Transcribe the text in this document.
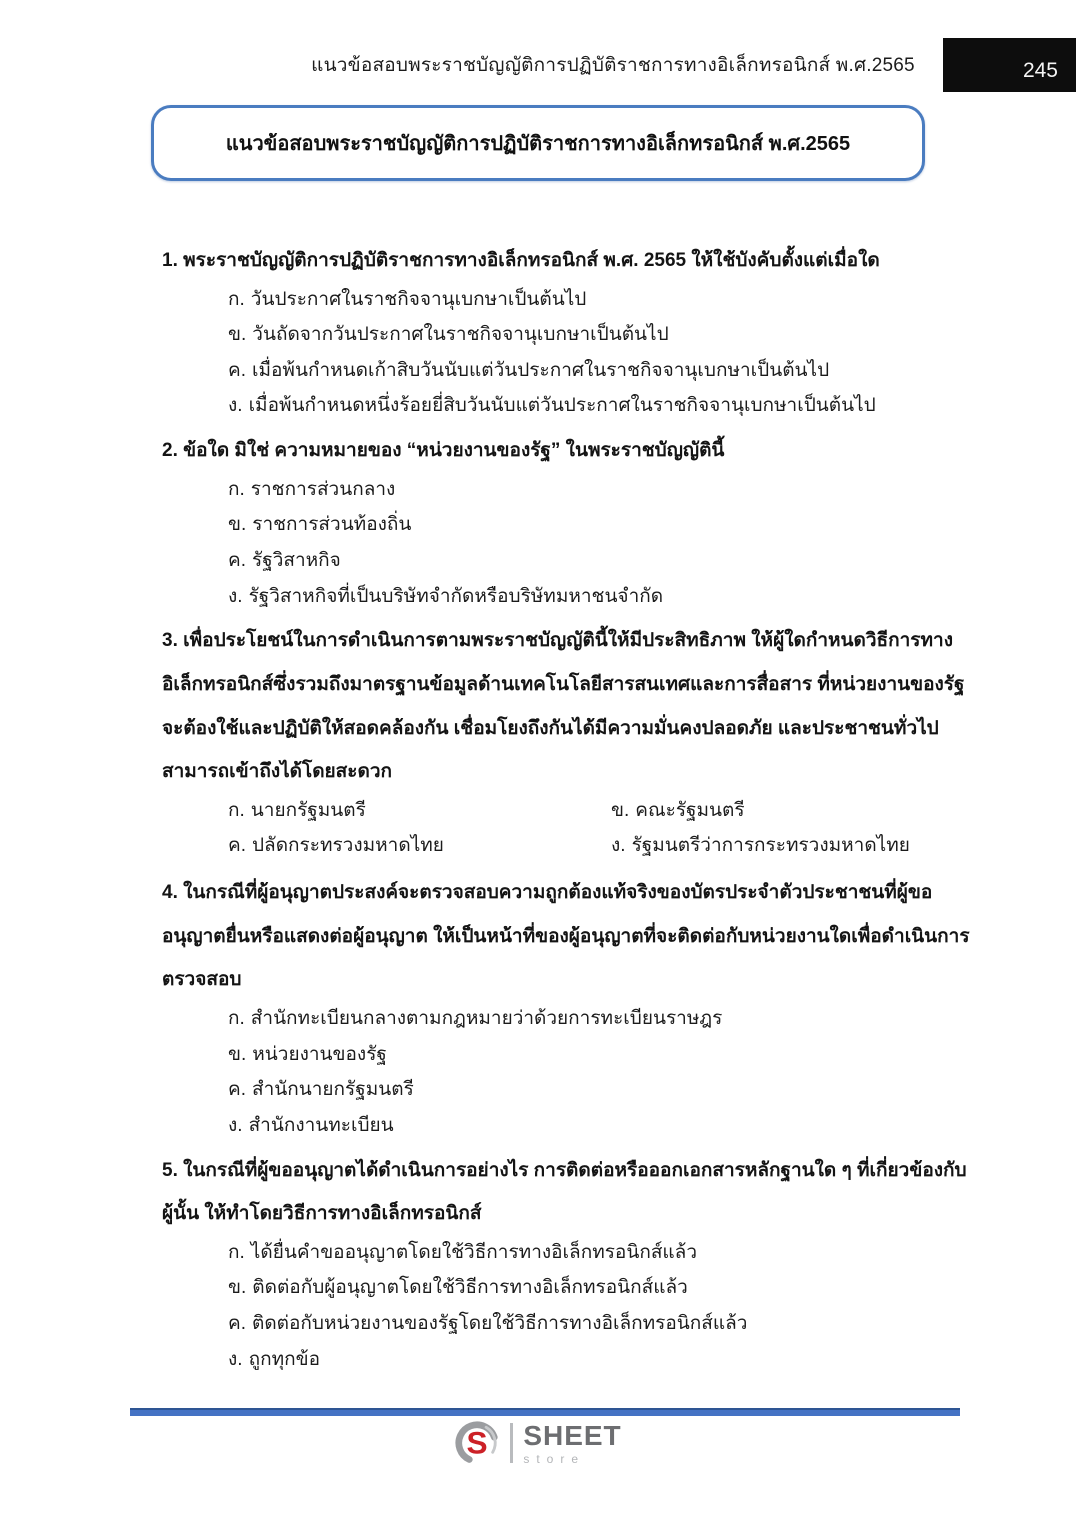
แนวข้อสอบพระราชบัญญัติการปฏิบัติราชการทางอิเล็กทรอนิกส์ พ.ศ.2565	245
แนวข้อสอบพระราชบัญญัติการปฏิบัติราชการทางอิเล็กทรอนิกส์ พ.ศ.2565
1. พระราชบัญญัติการปฏิบัติราชการทางอิเล็กทรอนิกส์ พ.ศ. 2565 ให้ใช้บังคับตั้งแต่เมื่อใด
ก. วันประกาศในราชกิจจานุเบกษาเป็นต้นไป
ข. วันถัดจากวันประกาศในราชกิจจานุเบกษาเป็นต้นไป
ค. เมื่อพ้นกำหนดเก้าสิบวันนับแต่วันประกาศในราชกิจจานุเบกษาเป็นต้นไป
ง. เมื่อพ้นกำหนดหนึ่งร้อยยี่สิบวันนับแต่วันประกาศในราชกิจจานุเบกษาเป็นต้นไป
2. ข้อใด มิใช่ ความหมายของ “หน่วยงานของรัฐ” ในพระราชบัญญัตินี้
ก. ราชการส่วนกลาง
ข. ราชการส่วนท้องถิ่น
ค. รัฐวิสาหกิจ
ง. รัฐวิสาหกิจที่เป็นบริษัทจำกัดหรือบริษัทมหาชนจำกัด
3. เพื่อประโยชน์ในการดำเนินการตามพระราชบัญญัตินี้ให้มีประสิทธิภาพ ให้ผู้ใดกำหนดวิธีการทางอิเล็กทรอนิกส์ซึ่งรวมถึงมาตรฐานข้อมูลด้านเทคโนโลยีสารสนเทศและการสื่อสาร ที่หน่วยงานของรัฐจะต้องใช้และปฏิบัติให้สอดคล้องกัน เชื่อมโยงถึงกันได้มีความมั่นคงปลอดภัย และประชาชนทั่วไปสามารถเข้าถึงได้โดยสะดวก
ก. นายกรัฐมนตรี	ข. คณะรัฐมนตรี
ค. ปลัดกระทรวงมหาดไทย	ง. รัฐมนตรีว่าการกระทรวงมหาดไทย
4. ในกรณีที่ผู้อนุญาตประสงค์จะตรวจสอบความถูกต้องแท้จริงของบัตรประจำตัวประชาชนที่ผู้ขออนุญาตยื่นหรือแสดงต่อผู้อนุญาต ให้เป็นหน้าที่ของผู้อนุญาตที่จะติดต่อกับหน่วยงานใดเพื่อดำเนินการตรวจสอบ
ก. สำนักทะเบียนกลางตามกฎหมายว่าด้วยการทะเบียนราษฎร
ข. หน่วยงานของรัฐ
ค. สำนักนายกรัฐมนตรี
ง. สำนักงานทะเบียน
5. ในกรณีที่ผู้ขออนุญาตได้ดำเนินการอย่างไร การติดต่อหรือออกเอกสารหลักฐานใด ๆ ที่เกี่ยวข้องกับผู้นั้น ให้ทำโดยวิธีการทางอิเล็กทรอนิกส์
ก. ได้ยื่นคำขออนุญาตโดยใช้วิธีการทางอิเล็กทรอนิกส์แล้ว
ข. ติดต่อกับผู้อนุญาตโดยใช้วิธีการทางอิเล็กทรอนิกส์แล้ว
ค. ติดต่อกับหน่วยงานของรัฐโดยใช้วิธีการทางอิเล็กทรอนิกส์แล้ว
ง. ถูกทุกข้อ
S SHEET
store
